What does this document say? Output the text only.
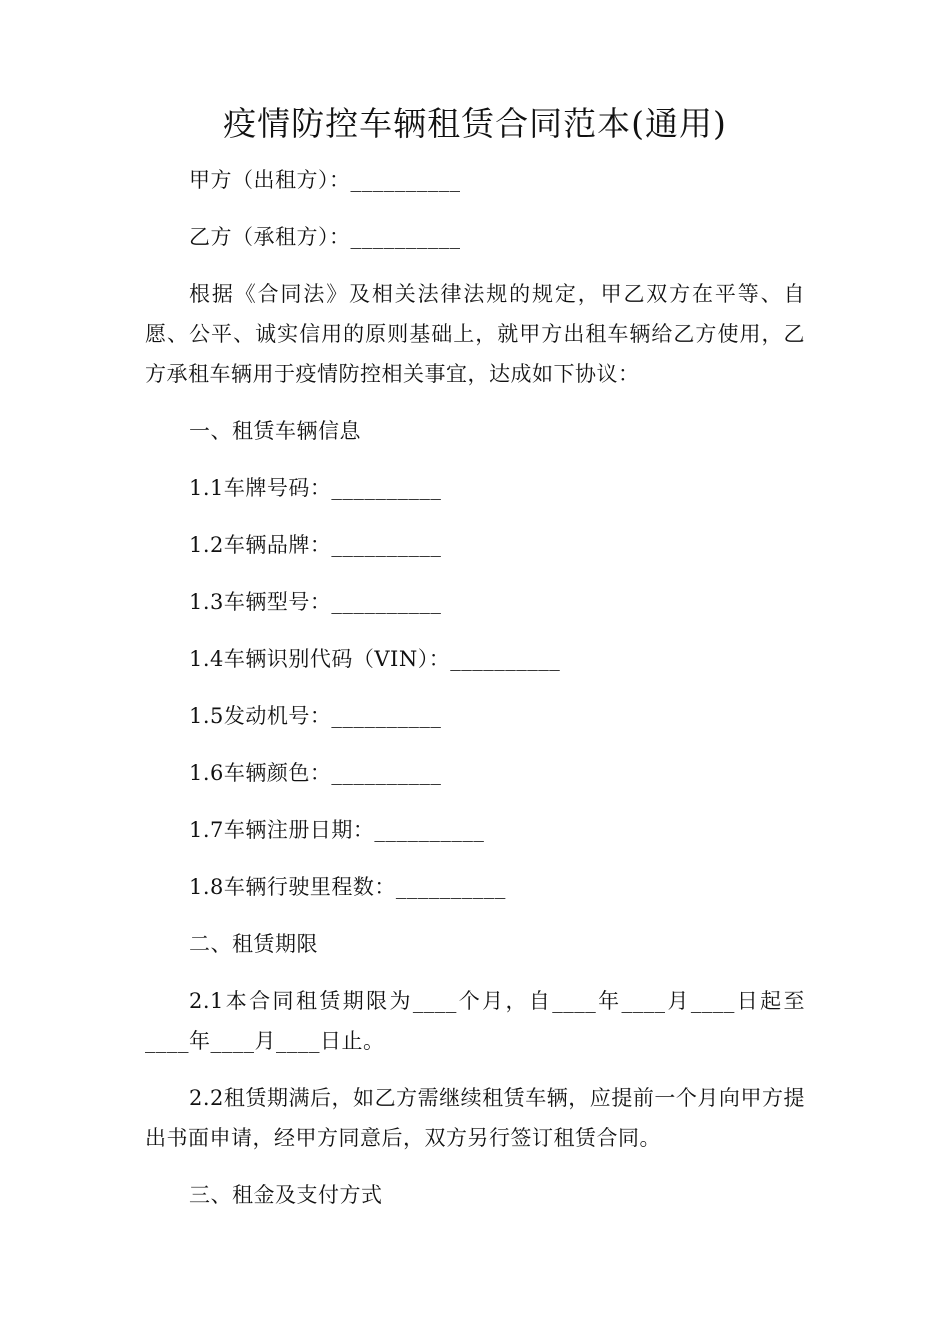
疫情防控车辆租赁合同范本(通用)

甲方（出租方）：__________

乙方（承租方）：__________

根据《合同法》及相关法律法规的规定，甲乙双方在平等、自愿、公平、诚实信用的原则基础上，就甲方出租车辆给乙方使用，乙方承租车辆用于疫情防控相关事宜，达成如下协议：

一、租赁车辆信息

1.1车牌号码：__________

1.2车辆品牌：__________

1.3车辆型号：__________

1.4车辆识别代码（VIN）：__________

1.5发动机号：__________

1.6车辆颜色：__________

1.7车辆注册日期：__________

1.8车辆行驶里程数：__________

二、租赁期限

2.1本合同租赁期限为____个月，自____年____月____日起至____年____月____日止。

2.2租赁期满后，如乙方需继续租赁车辆，应提前一个月向甲方提出书面申请，经甲方同意后，双方另行签订租赁合同。

三、租金及支付方式
